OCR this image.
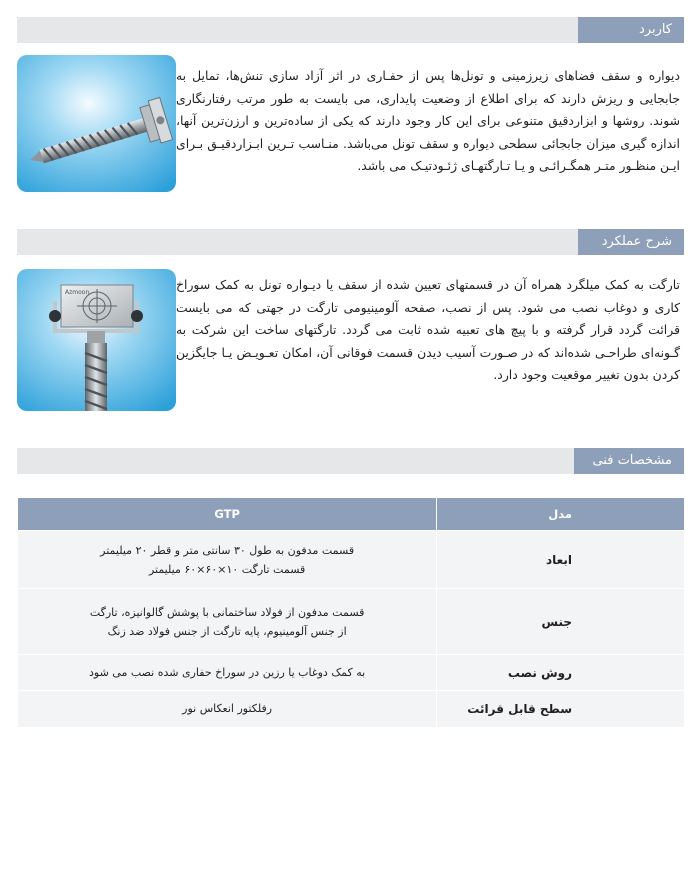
کاربرد
دیواره و سقف فضاهای زیرزمینی و تونل‌ها پس از حفـاری در اثر آزاد سازی تنش‌ها، تمایل به جابجایی و ریزش دارند که برای اطلاع از وضعیت پایداری، می بایست به طور مرتب رفتارنگاری شوند. روشها و ابزاردقیق متنوعی برای این کار وجود دارند که یکی از ساده‌ترین و ارزن‌ترین آنها، اندازه گیری میزان جابجائی سطحی دیواره و سقف تونل می‌باشد. منـاسب تـرین ابـزاردقیـق بـرای ایـن منظـور متـر همگـرائـی و یـا تـارگتهـای ژئـودتیـک می باشد.
شرح عملکرد
Azmoon
تارگت به کمک میلگرد همراه آن در قسمتهای تعیین شده از سقف یا دیـواره تونل به کمک سوراخ کاری و دوغاب نصب می شود. پس از نصب، صفحه آلومینیومی تارگت در جهتی که می بایست قرائت گردد قرار گرفته و با پیچ های تعبیه شده ثابت می گردد. تارگتهای ساخت این شرکت به گـونه‌ای طراحـی شده‌اند که در صـورت آسیب دیدن قسمت فوقانی آن، امکان تعـویـض یـا جایگزین کردن بدون تغییر موقعیت وجود دارد.
مشخصات فنی
مدل	GTP
ابعاد	قسمت مدفون به طول ۳۰ سانتی متر و قطر ۲۰ میلیمتر
قسمت تارگت ۱۰×۶۰×۶۰ میلیمتر

جنس	قسمت مدفون از فولاد ساختمانی با پوشش گالوانیزه، تارگت
از جنس آلومینیوم، پایه تارگت از جنس فولاد ضد زنگ

روش نصب	به کمک دوغاب یا رزین در سوراخ حفاری شده نصب می شود

سطح قابل قرائت	رفلکتور انعکاس نور
